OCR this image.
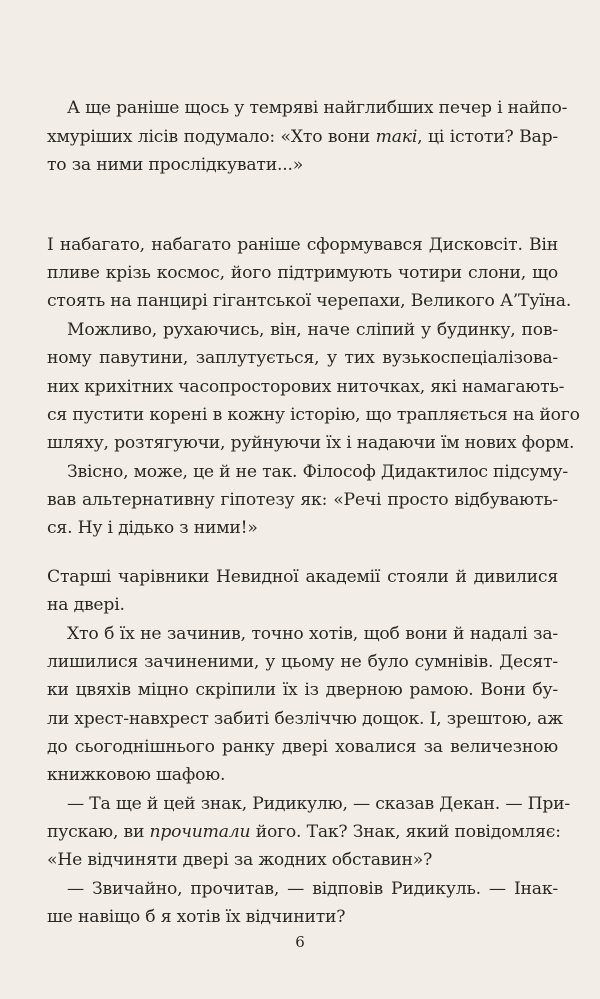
А ще раніше щось у темряві найглибших печер і найпо-
хмуріших лісів подумало: «Хто вони такі, ці істоти? Вар-
то за ними прослідкувати...»
І набагато, набагато раніше сформувався Дисковсіт. Він
пливе крізь космос, його підтримують чотири слони, що
стоять на панцирі гігантської черепахи, Великого А’Туїна.
Можливо, рухаючись, він, наче сліпий у будинку, пов-
ному павутини, заплутується, у тих вузькоспеціалізова-
них крихітних часопросторових ниточках, які намагають-
ся пустити корені в кожну історію, що трапляється на його
шляху, розтягуючи, руйнуючи їх і надаючи їм нових форм.
Звісно, може, це й не так. Філософ Дидактилос підсуму-
вав альтернативну гіпотезу як: «Речі просто відбувають-
ся. Ну і дідько з ними!»
Старші чарівники Невидної академії стояли й дивилися
на двері.
Хто б їх не зачинив, точно хотів, щоб вони й надалі за-
лишилися зачиненими, у цьому не було сумнівів. Десят-
ки цвяхів міцно скріпили їх із дверною рамою. Вони бу-
ли хрест-навхрест забиті безліччю дощок. І, зрештою, аж
до сьогоднішнього ранку двері ховалися за величезною
книжковою шафою.
— Та ще й цей знак, Ридикулю, — сказав Декан. — При-
пускаю, ви прочитали його. Так? Знак, який повідомляє:
«Не відчиняти двері за жодних обставин»?
— Звичайно, прочитав, — відповів Ридикуль. — Інак-
ше навіщо б я хотів їх відчинити?
6
